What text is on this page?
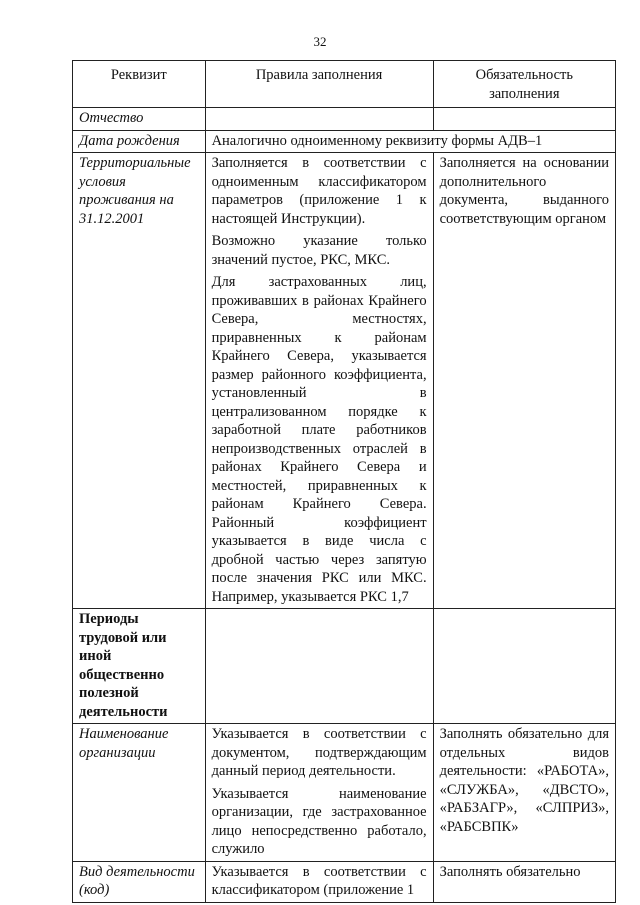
32
Реквизит	Правила заполнения	Обязательность заполнения
Отчество		
Дата рождения	Аналогично одноименному реквизиту формы АДВ–1	
Территориальные условия проживания на 31.12.2001	Заполняется в соответствии с одноименным классификатором параметров (приложение 1 к настоящей Инструкции).
Возможно указание только значений пустое, РКС, МКС.
Для застрахованных лиц, проживавших в районах Крайнего Севера, местностях, приравненных к районам Крайнего Севера, указывается размер районного коэффициента, установленный в централизованном порядке к заработной плате работников непроизводственных отраслей в районах Крайнего Севера и местностей, приравненных к районам Крайнего Севера. Районный коэффициент указывается в виде числа с дробной частью через запятую после значения РКС или МКС. Например, указывается РКС 1,7	Заполняется на основании дополнительного документа, выданного соответствующим органом
Периоды трудовой или иной общественно полезной деятельности		
Наименование организации	Указывается в соответствии с документом, подтверждающим данный период деятельности.
Указывается наименование организации, где застрахованное лицо непосредственно работало, служило	Заполнять обязательно для отдельных видов деятельности: «РАБОТА», «СЛУЖБА», «ДВСТО», «РАБЗАГР», «СЛПРИЗ», «РАБСВПК»
Вид деятельности (код)	Указывается в соответствии с классификатором (приложение 1	Заполнять обязательно
